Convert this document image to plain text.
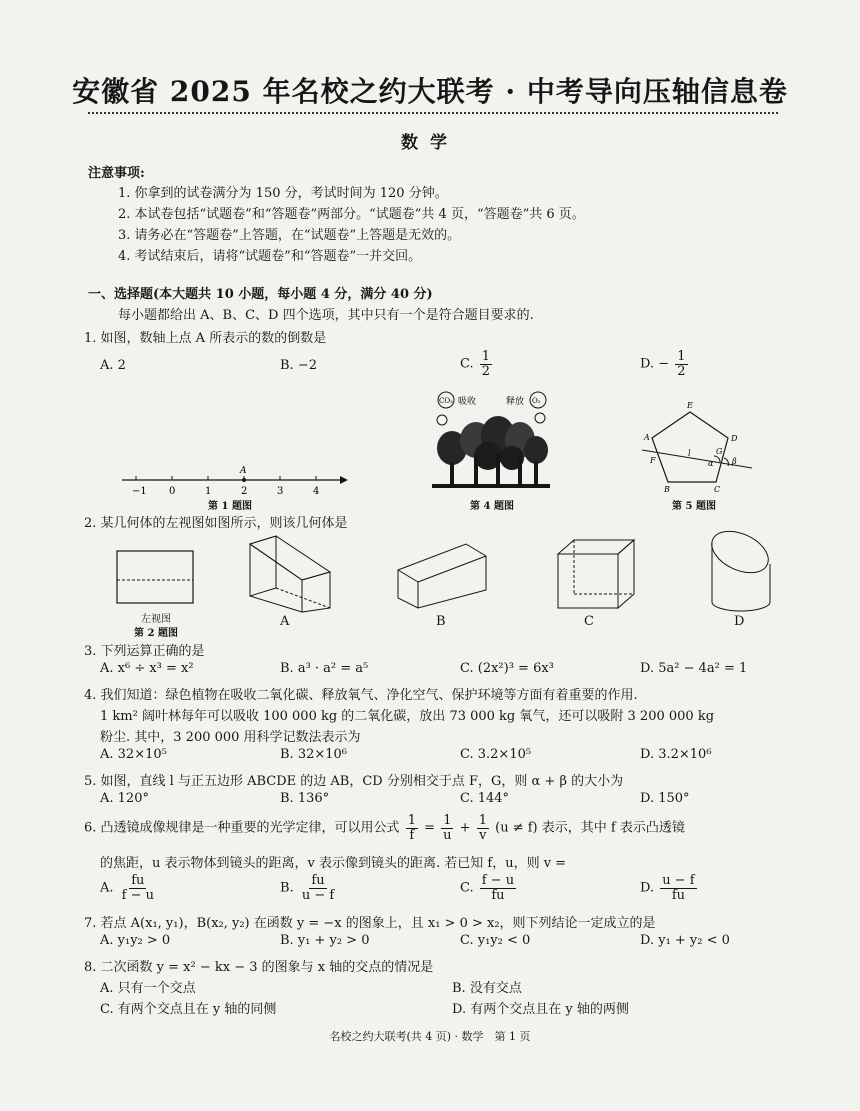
安徽省 2025 年名校之约大联考 · 中考导向压轴信息卷
数学
注意事项:
1. 你拿到的试卷满分为 150 分，考试时间为 120 分钟。
2. 本试卷包括“试题卷”和“答题卷”两部分。“试题卷”共 4 页，“答题卷”共 6 页。
3. 请务必在“答题卷”上答题，在“试题卷”上答题是无效的。
4. 考试结束后，请将“试题卷”和“答题卷”一并交回。
一、选择题(本大题共 10 小题，每小题 4 分，满分 40 分)
每小题都给出 A、B、C、D 四个选项，其中只有一个是符合题目要求的.
1. 如图，数轴上点 A 所表示的数的倒数是
A. 2	B. −2	C. $\frac{1}{2}$	D. − $\frac{1}{2}$
−1 0	1	2	3	4
A
第 1 题图
CO₂ 吸收	释放 O₂
第 4 题图
E
A	D
F
l	G
α β
B	C
第 5 题图
2. 某几何体的左视图如图所示，则该几何体是
左视图
第 2 题图
A	B	C	D
3. 下列运算正确的是
A. x⁶ ÷ x³ = x²	B. a³ · a² = a⁵	C. (2x²)³ = 6x³	D. 5a² − 4a² = 1
4. 我们知道：绿色植物在吸收二氧化碳、释放氧气、净化空气、保护环境等方面有着重要的作用.
1 km² 阔叶林每年可以吸收 100 000 kg 的二氧化碳，放出 73 000 kg 氧气，还可以吸附 3 200 000 kg
粉尘. 其中，3 200 000 用科学记数法表示为
A. 32×10⁵	B. 32×10⁶	C. 3.2×10⁵	D. 3.2×10⁶
5. 如图，直线 l 与正五边形 ABCDE 的边 AB，CD 分别相交于点 F，G，则 α + β 的大小为
A. 120°	B. 136°	C. 144°	D. 150°
6. 凸透镜成像规律是一种重要的光学定律，可以用公式 $\frac{1}{f} = \frac{1}{u} + \frac{1}{v} (u \ne f)$ 表示，其中 f 表示凸透镜
的焦距，u 表示物体到镜头的距离，v 表示像到镜头的距离. 若已知 f，u，则 v =
A. $\frac{fu}{f - u}$	B. $\frac{fu}{u - f}$	C. $\frac{f - u}{fu}$	D. $\frac{u - f}{fu}$
7. 若点 A(x₁, y₁)，B(x₂, y₂) 在函数 y = −x 的图象上，且 x₁ > 0 > x₂，则下列结论一定成立的是
A. y₁y₂ > 0	B. y₁ + y₂ > 0	C. y₁y₂ < 0	D. y₁ + y₂ < 0
8. 二次函数 y = x² − kx − 3 的图象与 x 轴的交点的情况是
A. 只有一个交点	B. 没有交点
C. 有两个交点且在 y 轴的同侧	D. 有两个交点且在 y 轴的两侧
名校之约大联考(共 4 页) · 数学　第 1 页
